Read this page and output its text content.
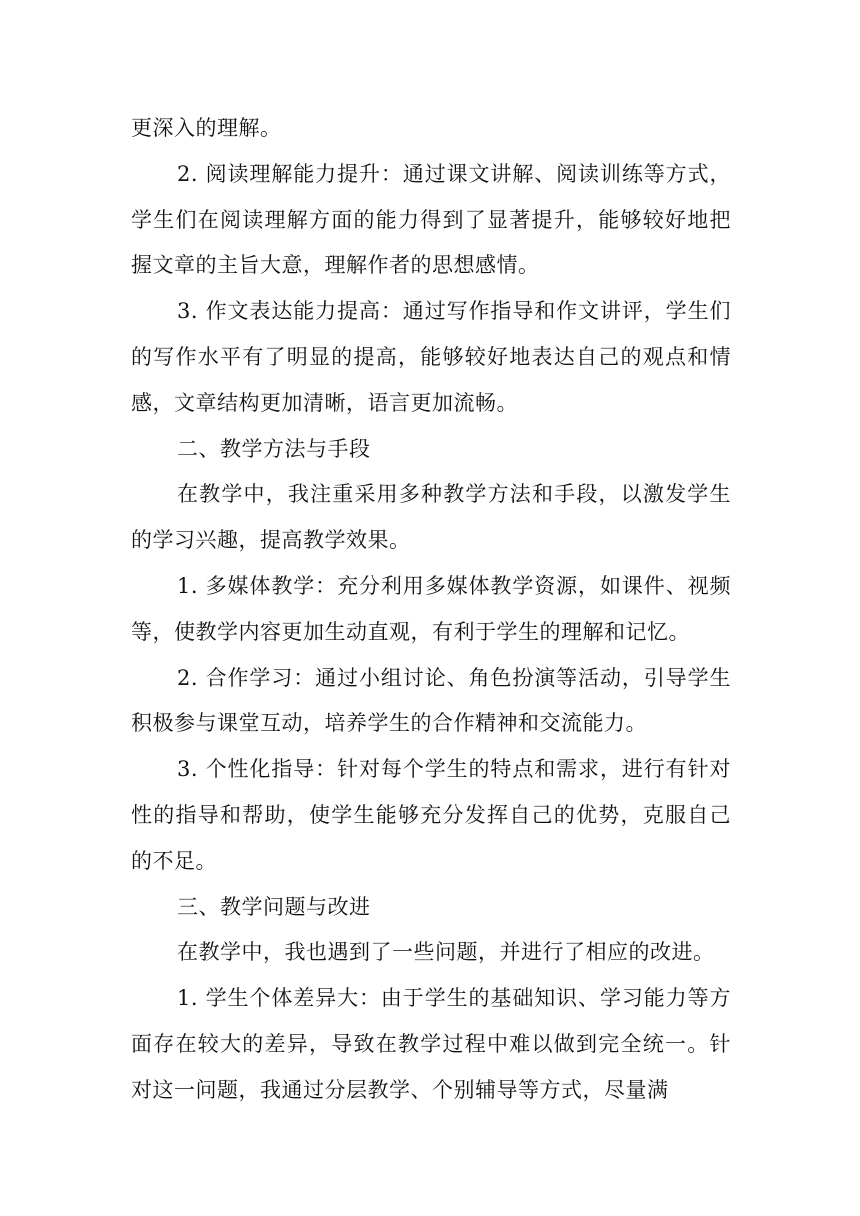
更深入的理解。

2. 阅读理解能力提升：通过课文讲解、阅读训练等方式，学生们在阅读理解方面的能力得到了显著提升，能够较好地把握文章的主旨大意，理解作者的思想感情。

3. 作文表达能力提高：通过写作指导和作文讲评，学生们的写作水平有了明显的提高，能够较好地表达自己的观点和情感，文章结构更加清晰，语言更加流畅。

二、教学方法与手段

在教学中，我注重采用多种教学方法和手段，以激发学生的学习兴趣，提高教学效果。

1. 多媒体教学：充分利用多媒体教学资源，如课件、视频等，使教学内容更加生动直观，有利于学生的理解和记忆。

2. 合作学习：通过小组讨论、角色扮演等活动，引导学生积极参与课堂互动，培养学生的合作精神和交流能力。

3. 个性化指导：针对每个学生的特点和需求，进行有针对性的指导和帮助，使学生能够充分发挥自己的优势，克服自己的不足。

三、教学问题与改进

在教学中，我也遇到了一些问题，并进行了相应的改进。

1. 学生个体差异大：由于学生的基础知识、学习能力等方面存在较大的差异，导致在教学过程中难以做到完全统一。针对这一问题，我通过分层教学、个别辅导等方式，尽量满
